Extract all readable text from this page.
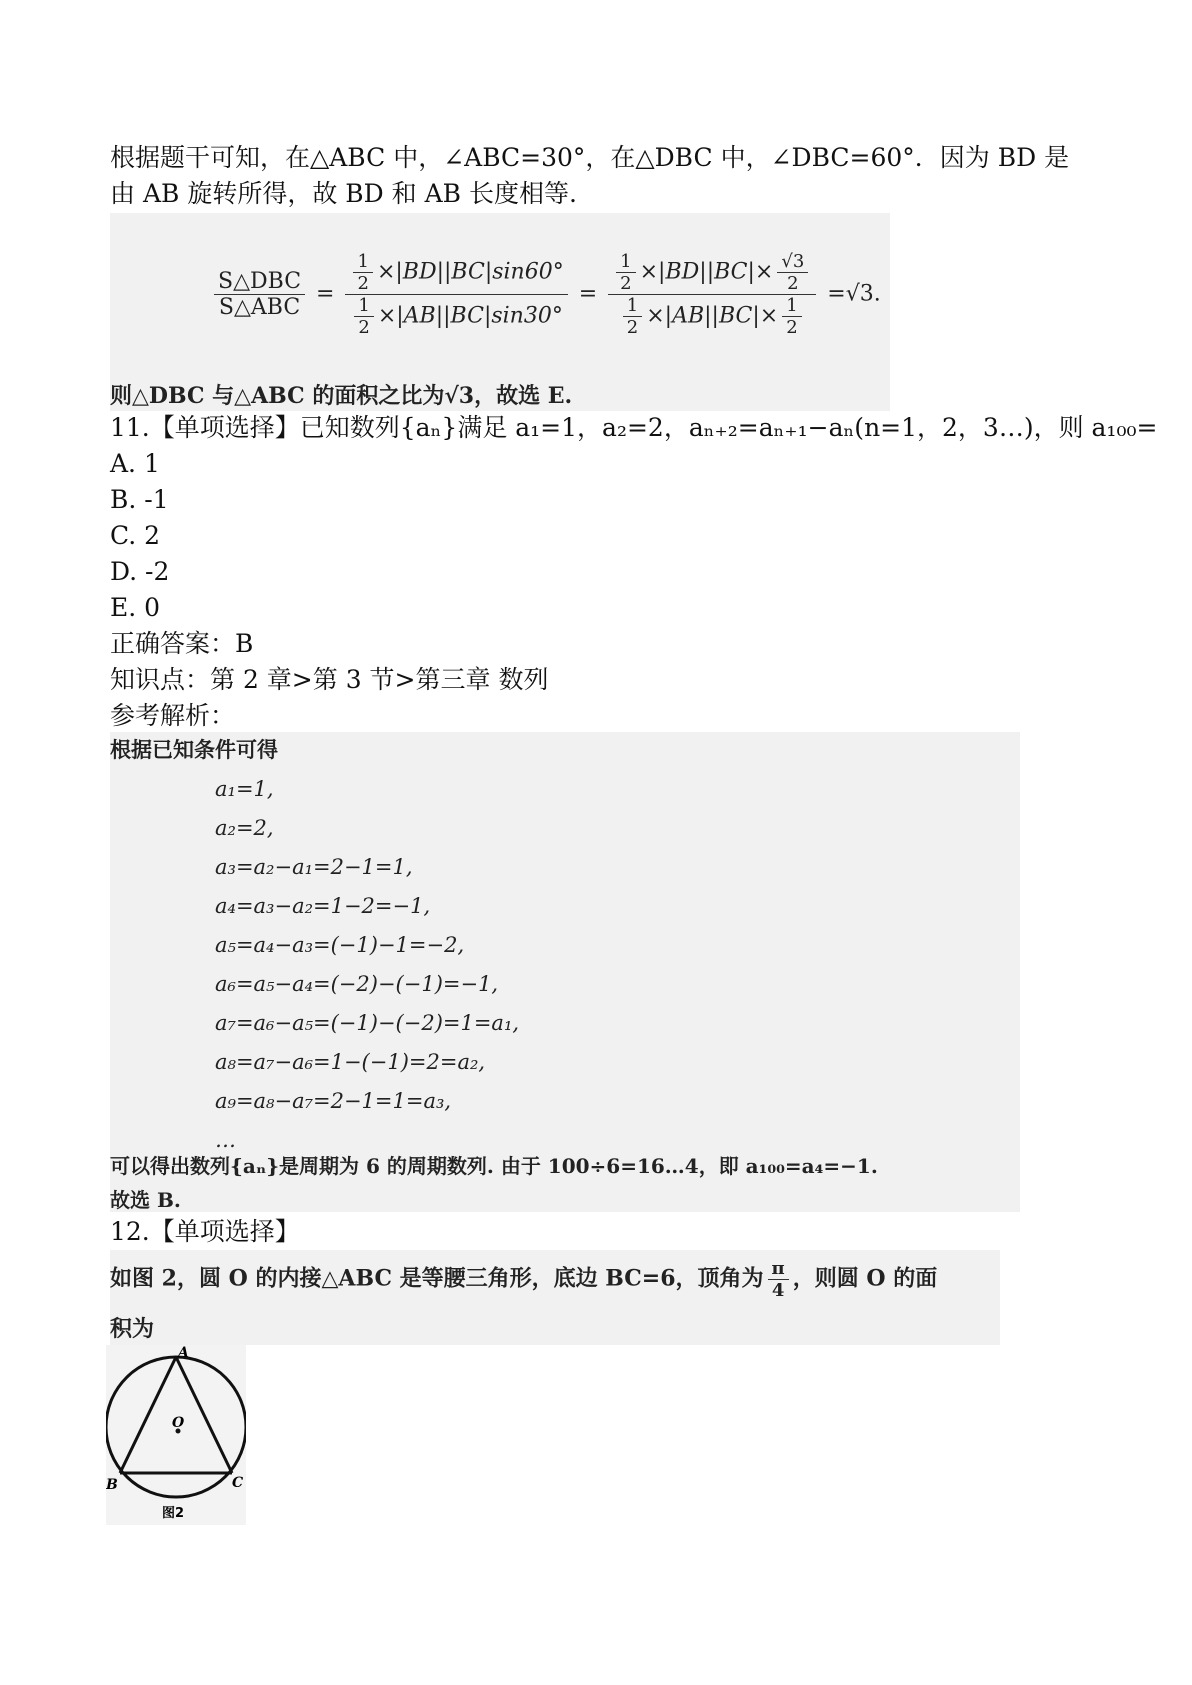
根据题干可知，在△ABC 中，∠ABC=30°，在△DBC 中，∠DBC=60°．因为 BD 是
由 AB 旋转所得，故 BD 和 AB 长度相等.
$\frac{\text{S△DBC}}{\text{S△ABC}} = \frac{\frac{1}{2} \times|BD||BC|\sin 60^\circ}{\frac{1}{2} \times|AB||BC|\sin 30^\circ} = \frac{\frac{1}{2} \times|BD||BC|\times \frac{√3}{2}}{\frac{1}{2} \times|AB||BC|\times \frac{1}{2}} =√3$.
则△DBC 与△ABC 的面积之比为√3，故选 E.
11.【单项选择】已知数列{aₙ}满足 a₁=1，a₂=2，aₙ₊₂=aₙ₊₁−aₙ(n=1，2，3…)，则 a₁₀₀=
A. 1
B. -1
C. 2
D. -2
E. 0
正确答案：B
知识点：第 2 章>第 3 节>第三章 数列
参考解析：
根据已知条件可得
a₁=1,
a₂=2,
a₃=a₂−a₁=2−1=1,
a₄=a₃−a₂=1−2=−1,
a₅=a₄−a₃=(−1)−1=−2,
a₆=a₅−a₄=(−2)−(−1)=−1,
a₇=a₆−a₅=(−1)−(−2)=1=a₁,
a₈=a₇−a₆=1−(−1)=2=a₂,
a₉=a₈−a₇=2−1=1=a₃,
…
可以得出数列{aₙ}是周期为 6 的周期数列. 由于 100÷6=16…4，即 a₁₀₀=a₄=−1.
故选 B.
12.【单项选择】
如图 2，圆 O 的内接△ABC 是等腰三角形，底边 BC=6，顶角为 $\frac{\pi}{4}$ ，则圆 O 的面
积为
A
O
B	C
图2
